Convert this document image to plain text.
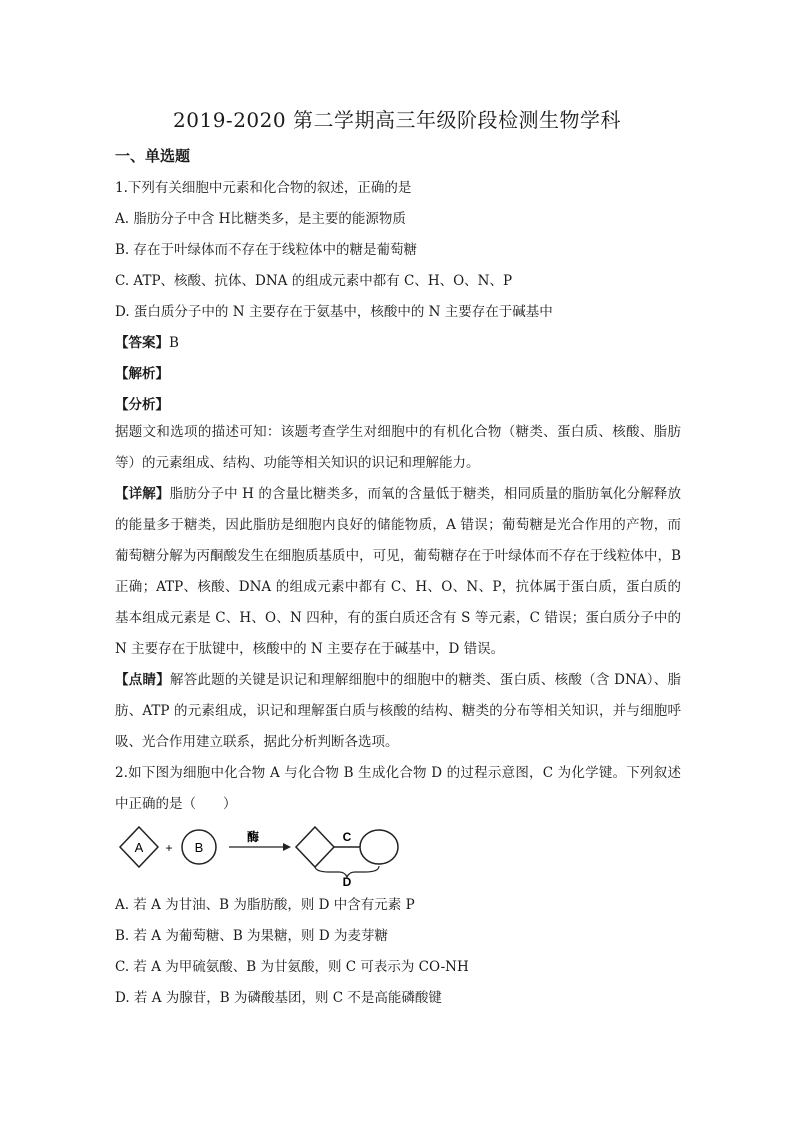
2019-2020 第二学期高三年级阶段检测生物学科
一、单选题
1.下列有关细胞中元素和化合物的叙述，正确的是
A. 脂肪分子中含 H比糖类多，是主要的能源物质
B. 存在于叶绿体而不存在于线粒体中的糖是葡萄糖
C. ATP、核酸、抗体、DNA 的组成元素中都有 C、H、O、N、P
D. 蛋白质分子中的 N 主要存在于氨基中，核酸中的 N 主要存在于碱基中
【答案】B
【解析】
【分析】
据题文和选项的描述可知：该题考查学生对细胞中的有机化合物（糖类、蛋白质、核酸、脂肪等）的元素组成、结构、功能等相关知识的识记和理解能力。
【详解】脂肪分子中 H 的含量比糖类多，而氧的含量低于糖类，相同质量的脂肪氧化分解释放的能量多于糖类，因此脂肪是细胞内良好的储能物质，A 错误；葡萄糖是光合作用的产物，而葡萄糖分解为丙酮酸发生在细胞质基质中，可见，葡萄糖存在于叶绿体而不存在于线粒体中，B 正确；ATP、核酸、DNA 的组成元素中都有 C、H、O、N、P，抗体属于蛋白质，蛋白质的基本组成元素是 C、H、O、N 四种，有的蛋白质还含有 S 等元素，C 错误；蛋白质分子中的 N 主要存在于肽键中，核酸中的 N 主要存在于碱基中，D 错误。
【点睛】解答此题的关键是识记和理解细胞中的细胞中的糖类、蛋白质、核酸（含 DNA）、脂肪、ATP 的元素组成，识记和理解蛋白质与核酸的结构、糖类的分布等相关知识，并与细胞呼吸、光合作用建立联系，据此分析判断各选项。
2.如下图为细胞中化合物 A 与化合物 B 生成化合物 D 的过程示意图，C 为化学键。下列叙述中正确的是（　　）
A + B
酶	C
D
A. 若 A 为甘油、B 为脂肪酸，则 D 中含有元素 P
B. 若 A 为葡萄糖、B 为果糖，则 D 为麦芽糖
C. 若 A 为甲硫氨酸、B 为甘氨酸，则 C 可表示为 CO-NH
D. 若 A 为腺苷，B 为磷酸基团，则 C 不是高能磷酸键
